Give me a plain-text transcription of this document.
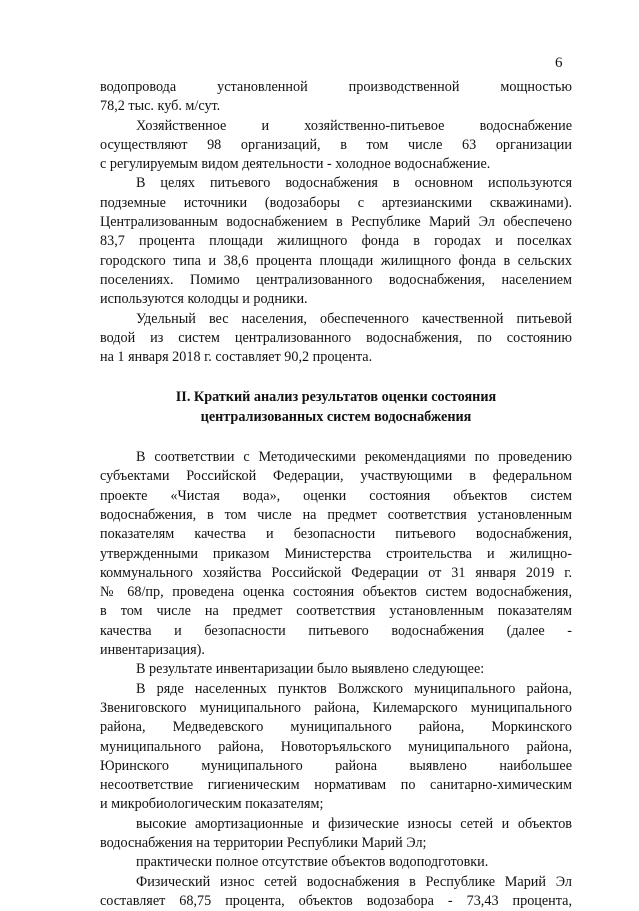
6
водопровода установленной производственной мощностью
78,2 тыс. куб. м/сут.
Хозяйственное и хозяйственно-питьевое водоснабжение
осуществляют 98 организаций, в том числе 63 организации
с регулируемым видом деятельности - холодное водоснабжение.
В целях питьевого водоснабжения в основном используются
подземные источники (водозаборы с артезианскими скважинами).
Централизованным водоснабжением в Республике Марий Эл обеспечено
83,7 процента площади жилищного фонда в городах и поселках
городского типа и 38,6 процента площади жилищного фонда в сельских
поселениях. Помимо централизованного водоснабжения, населением
используются колодцы и родники.
Удельный вес населения, обеспеченного качественной питьевой
водой из систем централизованного водоснабжения, по состоянию
на 1 января 2018 г. составляет 90,2 процента.
II. Краткий анализ результатов оценки состояния
централизованных систем водоснабжения
В соответствии с Методическими рекомендациями по проведению
субъектами Российской Федерации, участвующими в федеральном
проекте «Чистая вода», оценки состояния объектов систем
водоснабжения, в том числе на предмет соответствия установленным
показателям качества и безопасности питьевого водоснабжения,
утвержденными приказом Министерства строительства и жилищно-
коммунального хозяйства Российской Федерации от 31 января 2019 г.
№ 68/пр, проведена оценка состояния объектов систем водоснабжения,
в том числе на предмет соответствия установленным показателям
качества и безопасности питьевого водоснабжения (далее -
инвентаризация).
В результате инвентаризации было выявлено следующее:
В ряде населенных пунктов Волжского муниципального района,
Звениговского муниципального района, Килемарского муниципального
района, Медведевского муниципального района, Моркинского
муниципального района, Новоторъяльского муниципального района,
Юринского муниципального района выявлено наибольшее
несоответствие гигиеническим нормативам по санитарно-химическим
и микробиологическим показателям;
высокие амортизационные и физические износы сетей и объектов
водоснабжения на территории Республики Марий Эл;
практически полное отсутствие объектов водоподготовки.
Физический износ сетей водоснабжения в Республике Марий Эл
составляет 68,75 процента, объектов водозабора - 73,43 процента,
